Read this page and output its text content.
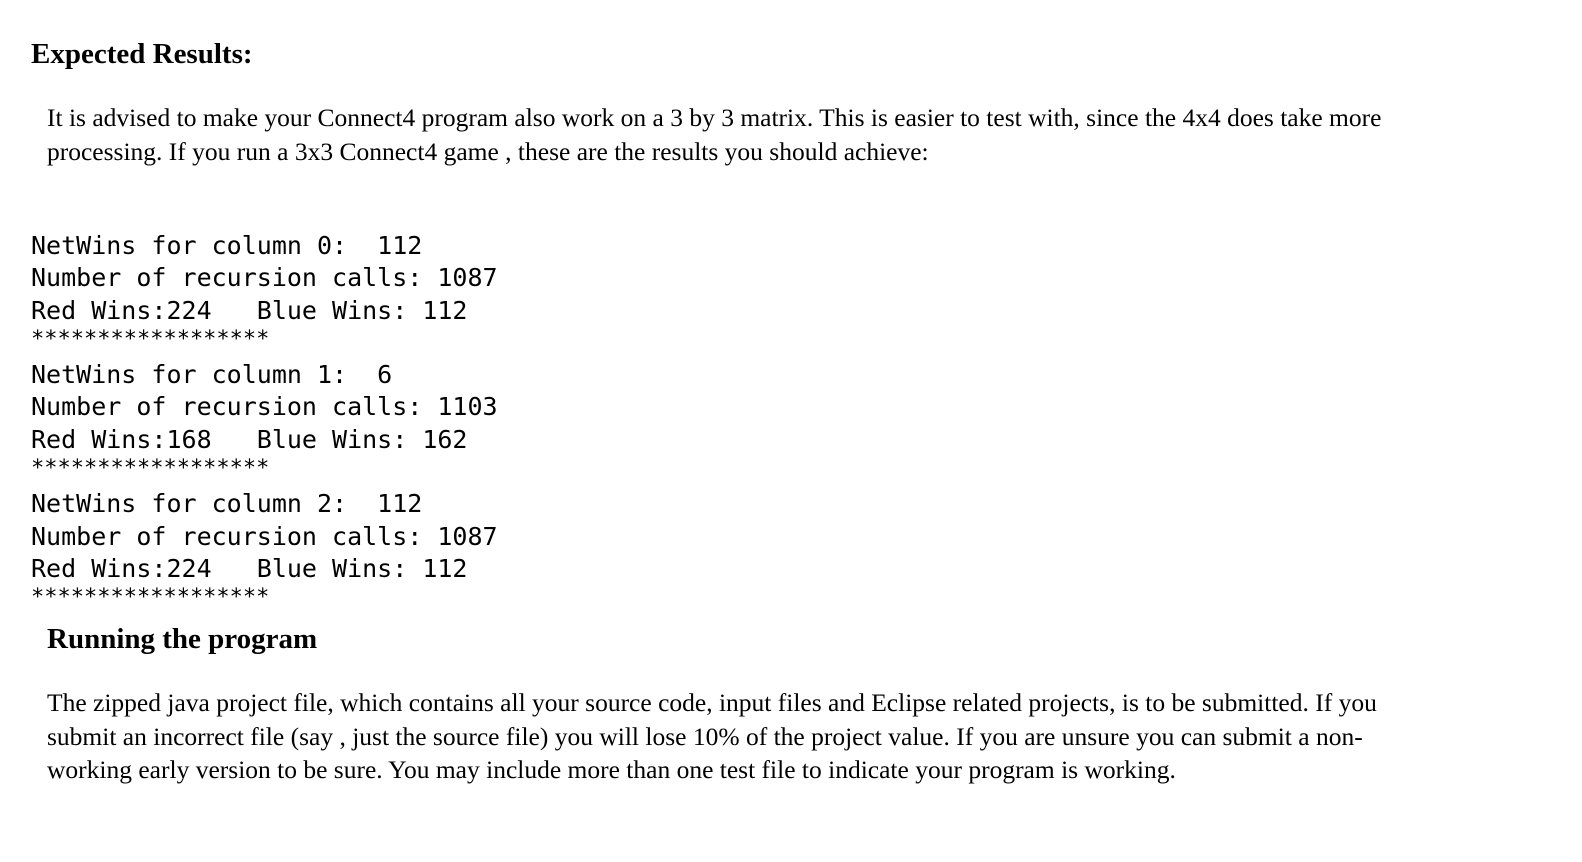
Expected Results:

It is advised to make your Connect4 program also work on a 3 by 3 matrix. This is easier to test with, since the 4x4 does take more
processing. If you run a 3x3 Connect4 game , these are the results you should achieve:

NetWins for column 0:  112
Number of recursion calls: 1087
Red Wins:224   Blue Wins: 112
******************
NetWins for column 1:  6
Number of recursion calls: 1103
Red Wins:168   Blue Wins: 162
******************
NetWins for column 2:  112
Number of recursion calls: 1087
Red Wins:224   Blue Wins: 112
******************
Running the program

The zipped java project file, which contains all your source code, input files and Eclipse related projects, is to be submitted. If you
submit an incorrect file (say , just the source file) you will lose 10% of the project value. If you are unsure you can submit a non-
working early version to be sure. You may include more than one test file to indicate your program is working.
